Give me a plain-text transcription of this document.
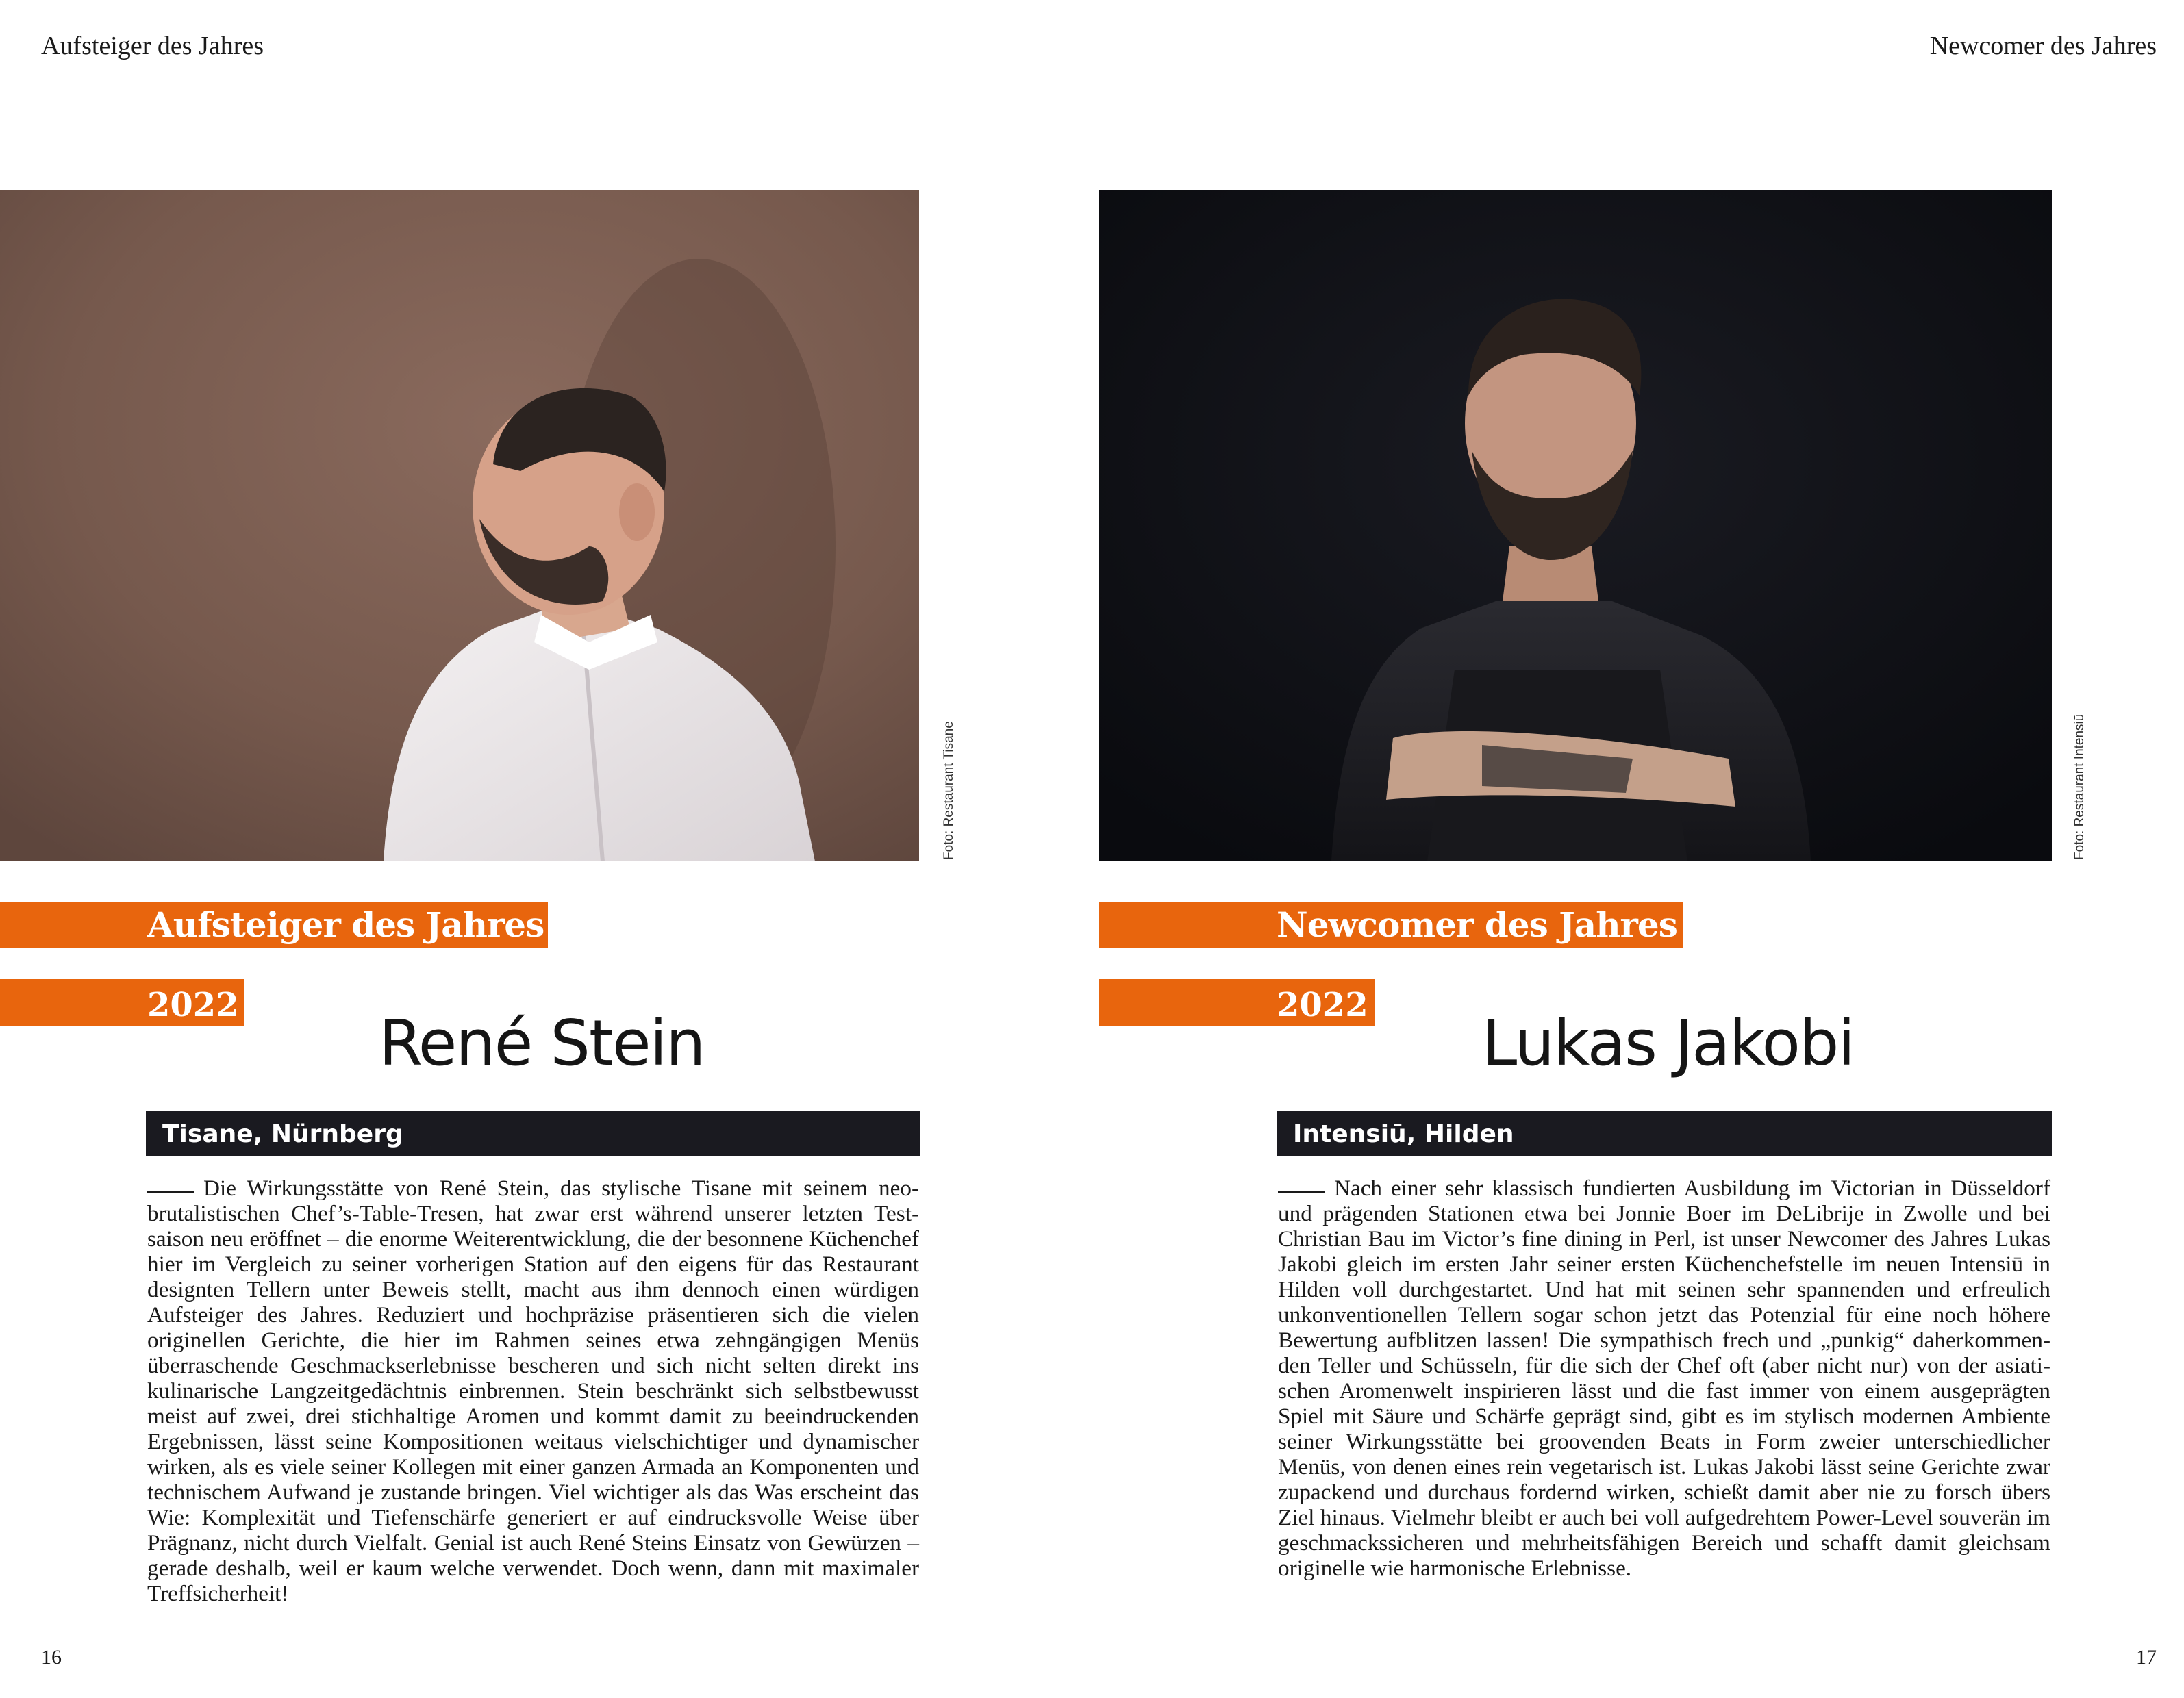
Aufsteiger des Jahres
Foto: Restaurant Tisane
Aufsteiger des Jahres
2022
René Stein
Tisane, Nürnberg
Die Wirkungsstätte von René Stein, das stylische Tisane mit seinem neobrutalistischen Chef’s-Table-Tresen, hat zwar erst während unserer letzten Testsaison neu eröffnet – die enorme Weiterentwicklung, die der besonnene Küchenchef hier im Vergleich zu seiner vorherigen Station auf den eigens für das Restaurant designten Tellern unter Beweis stellt, macht aus ihm dennoch einen würdigen Aufsteiger des Jahres. Reduziert und hochpräzise präsentieren sich die vielen originellen Gerichte, die hier im Rahmen seines etwa zehngängigen Menüs überraschende Geschmackserlebnisse bescheren und sich nicht selten direkt ins kulinarische Langzeitgedächtnis einbrennen. Stein beschränkt sich selbstbewusst meist auf zwei, drei stichhaltige Aromen und kommt damit zu beeindruckenden Ergebnissen, lässt seine Kompositionen weitaus vielschichtiger und dynamischer wirken, als es viele seiner Kollegen mit einer ganzen Armada an Komponenten und technischem Aufwand je zustande bringen. Viel wichtiger als das Was erscheint das Wie: Komplexität und Tiefenschärfe generiert er auf eindrucksvolle Weise über Prägnanz, nicht durch Vielfalt. Genial ist auch René Steins Einsatz von Gewürzen – gerade deshalb, weil er kaum welche verwendet. Doch wenn, dann mit maximaler Treffsicherheit!
16
Newcomer des Jahres
Foto: Restaurant Intensiū
Newcomer des Jahres
2022
Lukas Jakobi
Intensiū, Hilden
Nach einer sehr klassisch fundierten Ausbildung im Victorian in Düsseldorf und prägenden Stationen etwa bei Jonnie Boer im DeLibrije in Zwolle und bei Christian Bau im Victor’s fine dining in Perl, ist unser Newcomer des Jahres Lukas Jakobi gleich im ersten Jahr seiner ersten Küchenchefstelle im neuen Intensiū in Hilden voll durchgestartet. Und hat mit seinen sehr spannenden und erfreulich unkonventionellen Tellern sogar schon jetzt das Potenzial für eine noch höhere Bewertung aufblitzen lassen! Die sympathisch frech und „punkig“ daherkommenden Teller und Schüsseln, für die sich der Chef oft (aber nicht nur) von der asiatischen Aromenwelt inspirieren lässt und die fast immer von einem ausgeprägten Spiel mit Säure und Schärfe geprägt sind, gibt es im stylisch modernen Ambiente seiner Wirkungsstätte bei groovenden Beats in Form zweier unterschiedlicher Menüs, von denen eines rein vegetarisch ist. Lukas Jakobi lässt seine Gerichte zwar zupackend und durchaus fordernd wirken, schießt damit aber nie zu forsch übers Ziel hinaus. Vielmehr bleibt er auch bei voll aufgedrehtem Power-Level souverän im geschmackssicheren und mehrheitsfähigen Bereich und schafft damit gleichsam originelle wie harmonische Erlebnisse.
17
